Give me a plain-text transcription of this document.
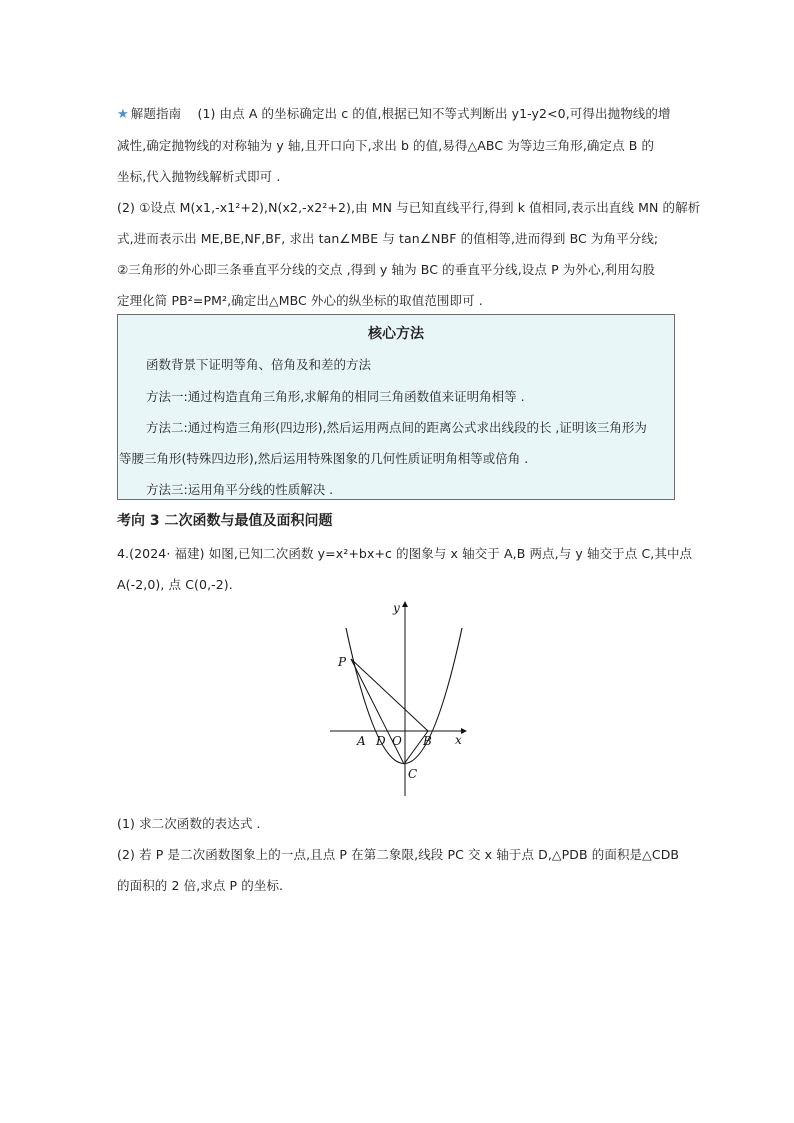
★ 解题指南 (1) 由点 A 的坐标确定出 c 的值,根据已知不等式判断出 y1-y2<0,可得出抛物线的增
减性,确定抛物线的对称轴为 y 轴,且开口向下,求出 b 的值,易得△ABC 为等边三角形,确定点 B 的
坐标,代入抛物线解析式即可 .
(2) ①设点 M(x1,-x1²+2),N(x2,-x2²+2),由 MN 与已知直线平行,得到 k 值相同,表示出直线 MN 的解析
式,进而表示出 ME,BE,NF,BF, 求出 tan∠MBE 与 tan∠NBF 的值相等,进而得到 BC 为角平分线;
②三角形的外心即三条垂直平分线的交点 ,得到 y 轴为 BC 的垂直平分线,设点 P 为外心,利用勾股
定理化简 PB²=PM²,确定出△MBC 外心的纵坐标的取值范围即可 .
核心方法
函数背景下证明等角、倍角及和差的方法
方法一:通过构造直角三角形,求解角的相同三角函数值来证明角相等 .
方法二:通过构造三角形(四边形),然后运用两点间的距离公式求出线段的长 ,证明该三角形为
等腰三角形(特殊四边形),然后运用特殊图象的几何性质证明角相等或倍角 .
方法三:运用角平分线的性质解决 .
考向 3 二次函数与最值及面积问题
4.(2024· 福建) 如图,已知二次函数 y=x²+bx+c 的图象与 x 轴交于 A,B 两点,与 y 轴交于点 C,其中点
A(-2,0), 点 C(0,-2).
y
x
P
A D O B
C
(1) 求二次函数的表达式 .
(2) 若 P 是二次函数图象上的一点,且点 P 在第二象限,线段 PC 交 x 轴于点 D,△PDB 的面积是△CDB
的面积的 2 倍,求点 P 的坐标.
